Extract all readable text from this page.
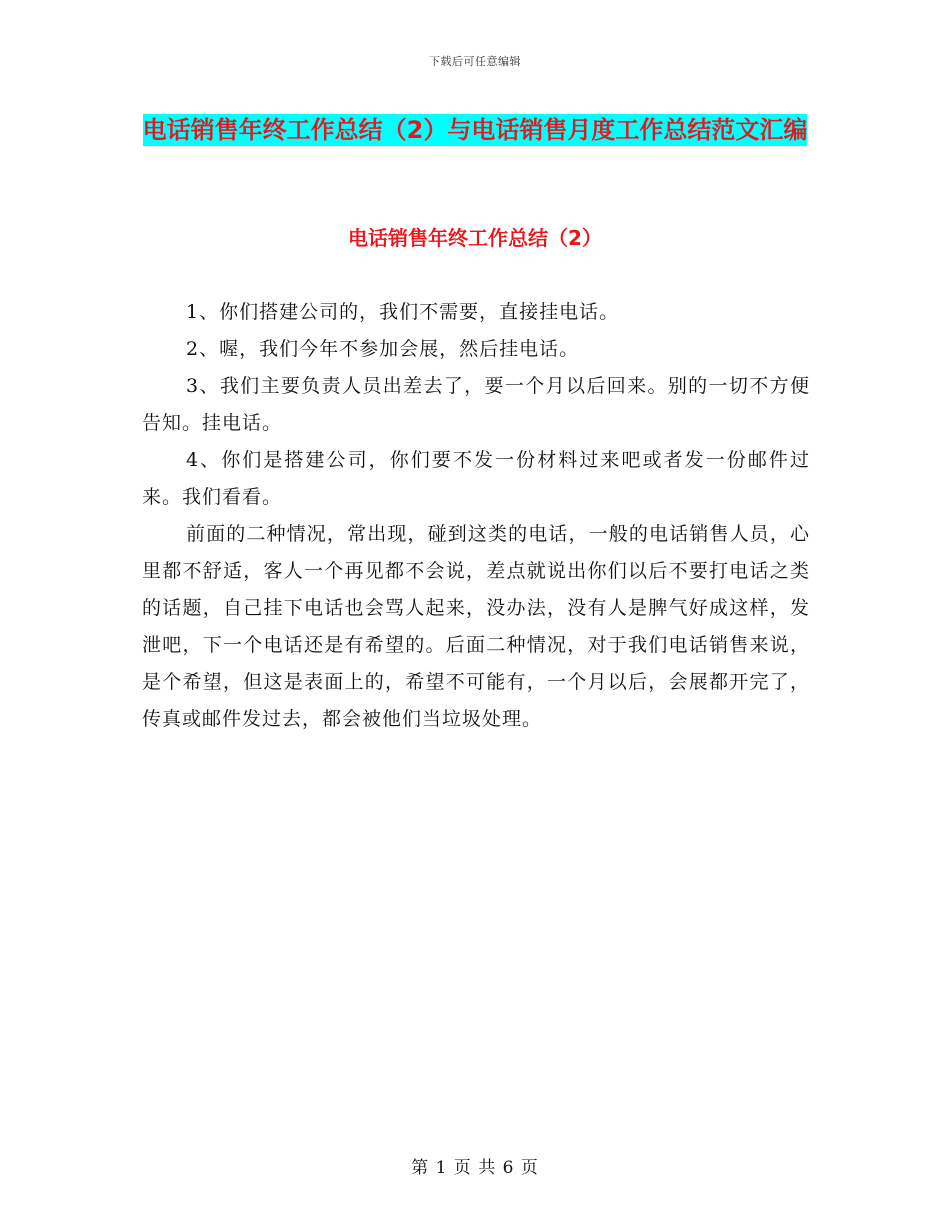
下载后可任意编辑
电话销售年终工作总结（2）与电话销售月度工作总结范文汇编
电话销售年终工作总结（2）

1、你们搭建公司的，我们不需要，直接挂电话。

2、喔，我们今年不参加会展，然后挂电话。

3、我们主要负责人员出差去了，要一个月以后回来。别的一切不方便告知。挂电话。

4、你们是搭建公司，你们要不发一份材料过来吧或者发一份邮件过来。我们看看。

前面的二种情况，常出现，碰到这类的电话，一般的电话销售人员，心里都不舒适，客人一个再见都不会说，差点就说出你们以后不要打电话之类的话题，自己挂下电话也会骂人起来，没办法，没有人是脾气好成这样，发泄吧，下一个电话还是有希望的。后面二种情况，对于我们电话销售来说，是个希望，但这是表面上的，希望不可能有，一个月以后，会展都开完了，传真或邮件发过去，都会被他们当垃圾处理。

第 1 页 共 6 页
